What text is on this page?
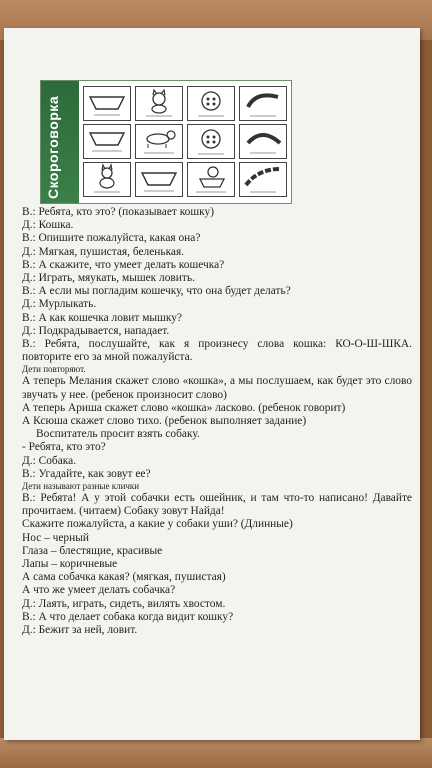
Скороговорка

В.: Ребята, кто это? (показывает кошку)

Д.: Кошка.

В.: Опишите пожалуйста, какая она?

Д.: Мягкая, пушистая, беленькая.

В.: А скажите, что умеет делать кошечка?

Д.: Играть, мяукать, мышек ловить.

В.: А если мы погладим кошечку, что она будет делать?

Д.: Мурлыкать.

В.: А как кошечка ловит мышку?

Д.: Подкрадывается, нападает.

В.: Ребята, послушайте, как я произнесу слова кошка: КО-О-Ш-ШКА. повторите его за мной пожалуйста.

Дети повторяют.

А теперь Мелания скажет слово «кошка», а мы послушаем, как будет это слово звучать у нее. (ребенок произносит слово)

А теперь Ариша скажет слово «кошка» ласково. (ребенок говорит)

А Ксюша скажет слово тихо. (ребенок выполняет задание)

Воспитатель просит взять собаку.

- Ребята, кто это?

Д.: Собака.

В.: Угадайте, как зовут ее?

Дети называют разные клички

В.: Ребята! А у этой собачки есть ошейник, и там что-то написано! Давайте прочитаем. (читаем) Собаку зовут Найда!

Скажите пожалуйста, а какие у собаки уши? (Длинные)

Нос – черный

Глаза – блестящие, красивые

Лапы – коричневые

А сама собачка какая? (мягкая, пушистая)

А что же умеет делать собачка?

Д.: Лаять, играть, сидеть, вилять хвостом.

В.: А что делает собака когда видит кошку?

Д.: Бежит за ней, ловит.
